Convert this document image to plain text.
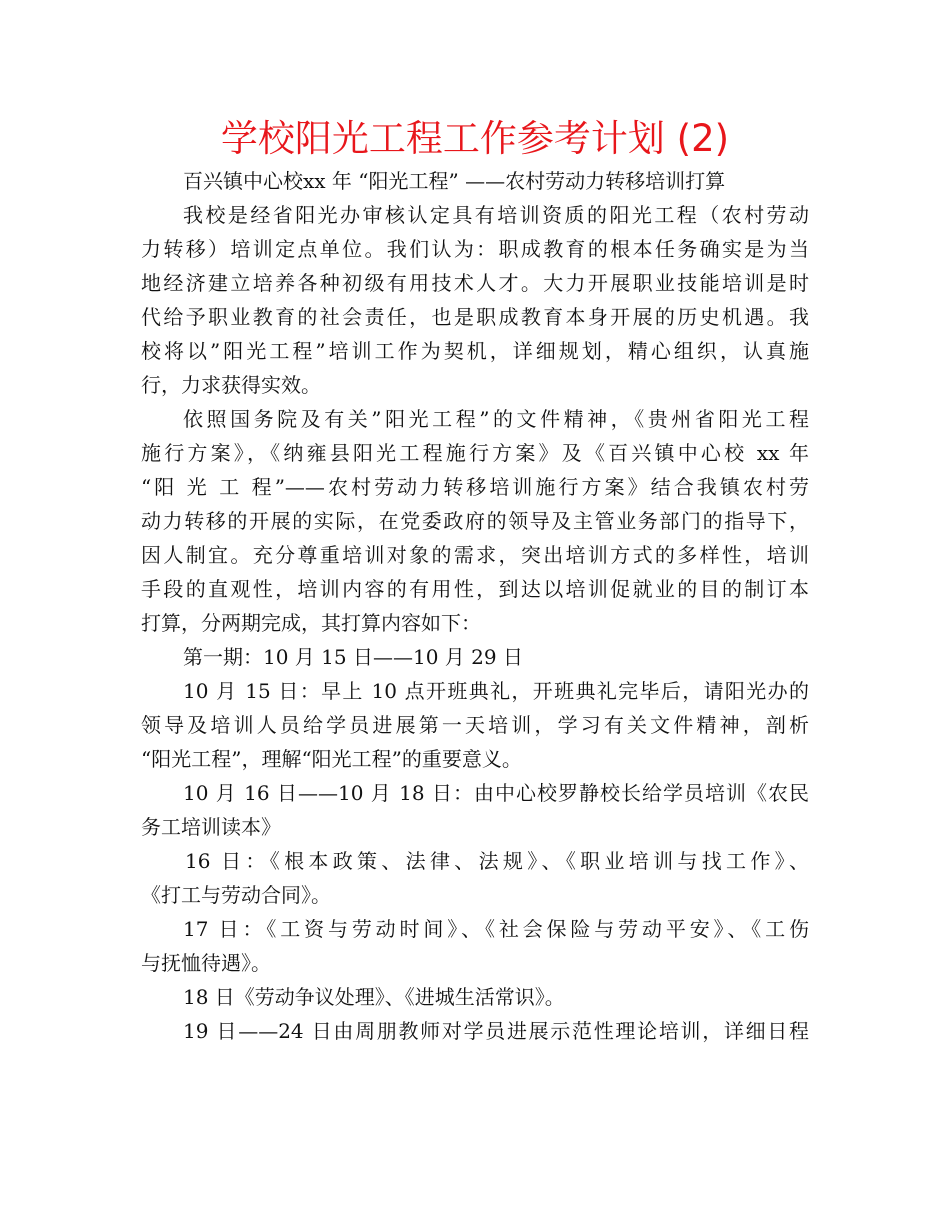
学校阳光工程工作参考计划 (2)
百兴镇中心校xx 年 “阳光工程” ——农村劳动力转移培训打算
我校是经省阳光办审核认定具有培训资质的阳光工程（农村劳动
力转移）培训定点单位。我们认为：职成教育的根本任务确实是为当
地经济建立培养各种初级有用技术人才。大力开展职业技能培训是时
代给予职业教育的社会责任，也是职成教育本身开展的历史机遇。我
校将以”阳光工程”培训工作为契机，详细规划，精心组织，认真施
行，力求获得实效。
依照国务院及有关”阳光工程”的文件精神，《贵州省阳光工程
施行方案》，《纳雍县阳光工程施行方案》及《百兴镇中心校 xx 年
“阳 光 工 程”——农村劳动力转移培训施行方案》结合我镇农村劳
动力转移的开展的实际，在党委政府的领导及主管业务部门的指导下，
因人制宜。充分尊重培训对象的需求，突出培训方式的多样性，培训
手段的直观性，培训内容的有用性，到达以培训促就业的目的制订本
打算，分两期完成，其打算内容如下：
第一期：10 月 15 日——10 月 29 日
10 月 15 日：早上 10 点开班典礼，开班典礼完毕后，请阳光办的
领导及培训人员给学员进展第一天培训，学习有关文件精神，剖析
“阳光工程”，理解“阳光工程”的重要意义。
10 月 16 日——10 月 18 日：由中心校罗静校长给学员培训《农民
务工培训读本》
16 日：《根本政策、法律、法规》、《职业培训与找工作》、
《打工与劳动合同》。
17 日：《工资与劳动时间》、《社会保险与劳动平安》、《工伤
与抚恤待遇》。
18 日《劳动争议处理》、《进城生活常识》。
19 日——24 日由周朋教师对学员进展示范性理论培训，详细日程
